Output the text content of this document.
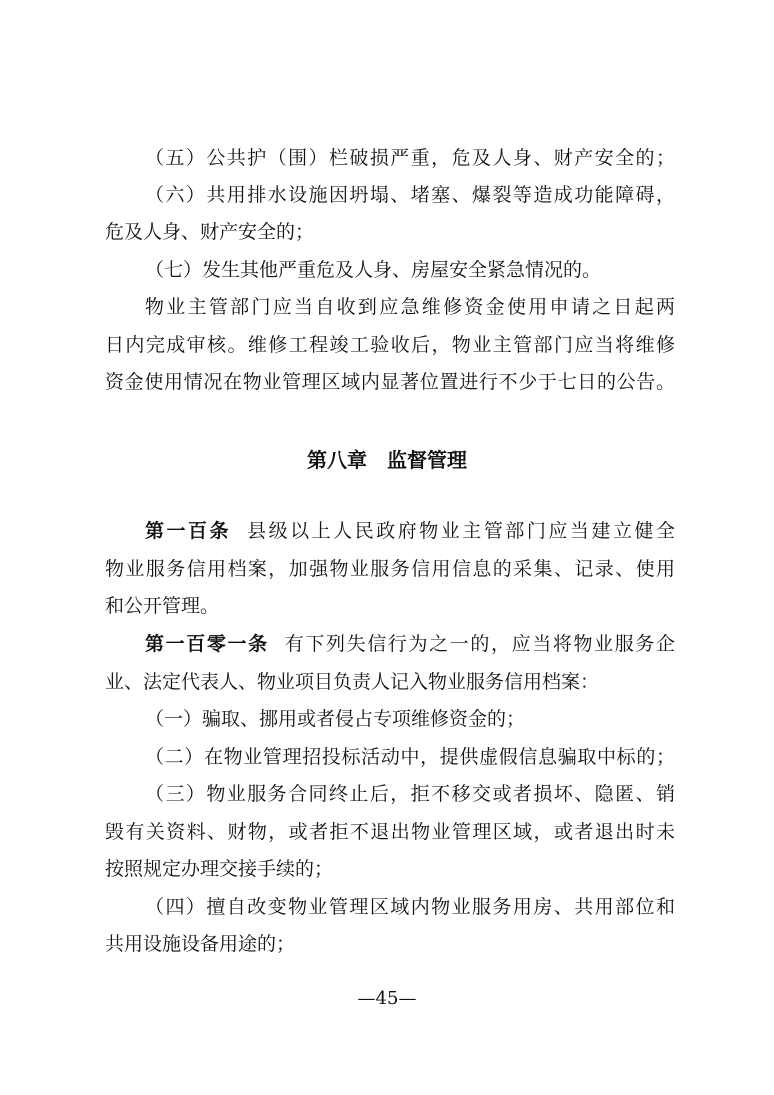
（五）公共护（围）栏破损严重，危及人身、财产安全的；
（六）共用排水设施因坍塌、堵塞、爆裂等造成功能障碍，
危及人身、财产安全的；
（七）发生其他严重危及人身、房屋安全紧急情况的。
物业主管部门应当自收到应急维修资金使用申请之日起两
日内完成审核。维修工程竣工验收后，物业主管部门应当将维修
资金使用情况在物业管理区域内显著位置进行不少于七日的公告。
第八章　监督管理
第一百条 县级以上人民政府物业主管部门应当建立健全
物业服务信用档案，加强物业服务信用信息的采集、记录、使用
和公开管理。
第一百零一条 有下列失信行为之一的，应当将物业服务企
业、法定代表人、物业项目负责人记入物业服务信用档案：
（一）骗取、挪用或者侵占专项维修资金的；
（二）在物业管理招投标活动中，提供虚假信息骗取中标的；
（三）物业服务合同终止后，拒不移交或者损坏、隐匿、销
毁有关资料、财物，或者拒不退出物业管理区域，或者退出时未
按照规定办理交接手续的；
（四）擅自改变物业管理区域内物业服务用房、共用部位和
共用设施设备用途的；
—45—
